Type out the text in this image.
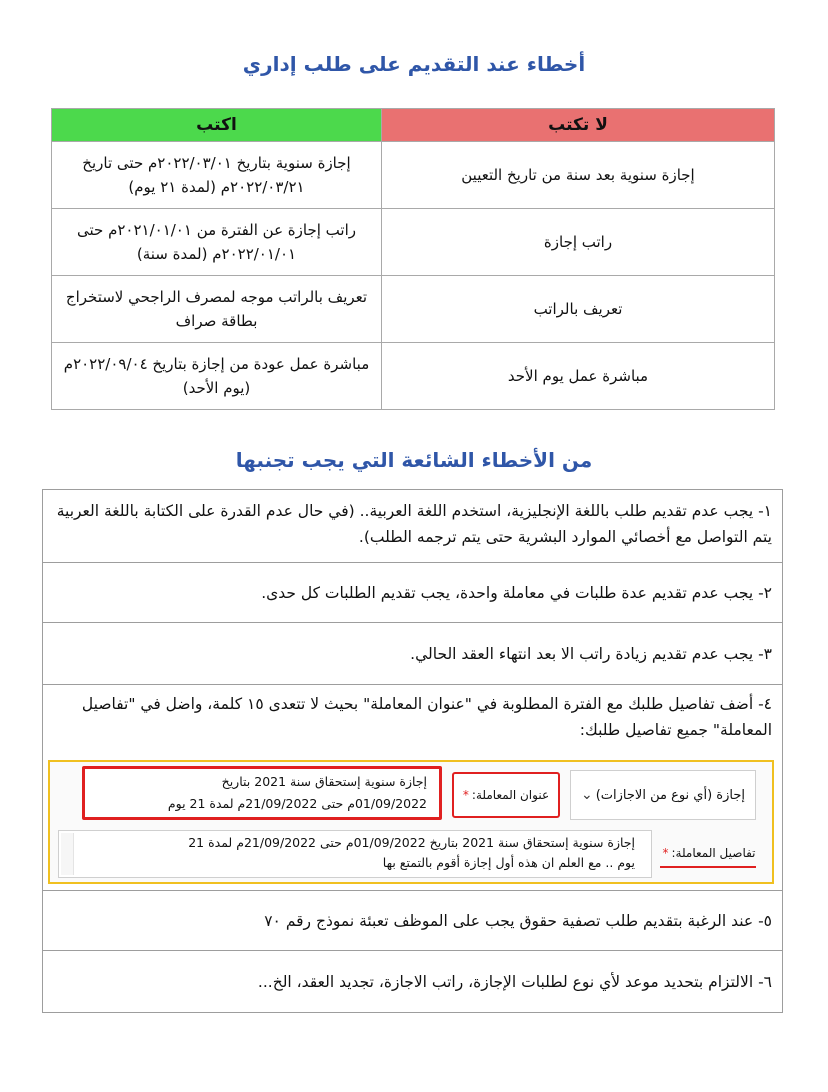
أخطاء عند التقديم على طلب إداري
لا تكتب	اكتب
إجازة سنوية بعد سنة من تاريخ التعيين	إجازة سنوية بتاريخ ٢٠٢٢/٠٣/٠١م حتى تاريخ ٢٠٢٢/٠٣/٢١م (لمدة ٢١ يوم)
راتب إجازة	راتب إجازة عن الفترة من ٢٠٢١/٠١/٠١م حتى ٢٠٢٢/٠١/٠١م (لمدة سنة)
تعريف بالراتب	تعريف بالراتب موجه لمصرف الراجحي لاستخراج بطاقة صراف
مباشرة عمل يوم الأحد	مباشرة عمل عودة من إجازة بتاريخ ٢٠٢٢/٠٩/٠٤م (يوم الأحد)
من الأخطاء الشائعة التي يجب تجنبها

١- يجب عدم تقديم طلب باللغة الإنجليزية، استخدم اللغة العربية.. (في حال عدم القدرة على الكتابة باللغة العربية يتم التواصل مع أخصائي الموارد البشرية حتى يتم ترجمه الطلب).

٢- يجب عدم تقديم عدة طلبات في معاملة واحدة، يجب تقديم الطلبات كل حدى.

٣- يجب عدم تقديم زيادة راتب الا بعد انتهاء العقد الحالي.

٤- أضف تفاصيل طلبك مع الفترة المطلوبة في "عنوان المعاملة" بحيث لا تتعدى ١٥ كلمة، واضل في "تفاصيل المعاملة" جميع تفاصيل طلبك:

٥- عند الرغبة بتقديم طلب تصفية حقوق يجب على الموظف تعبئة نموذج رقم ٧٠

٦- الالتزام بتحديد موعد لأي نوع لطلبات الإجازة، راتب الاجازة، تجديد العقد، الخ...

إجازة (أي نوع من الاجازات)
⌄
عنوان المعاملة:
*
إجازة سنوية إستحقاق سنة 2021 بتاريخ
01/09/2022م حتى 21/09/2022م لمدة 21 يوم
تفاصيل المعاملة:
*
إجازة سنوية إستحقاق سنة 2021 بتاريخ 01/09/2022م حتى 21/09/2022م لمدة 21
يوم .. مع العلم ان هذه أول إجازة أقوم بالتمتع بها
